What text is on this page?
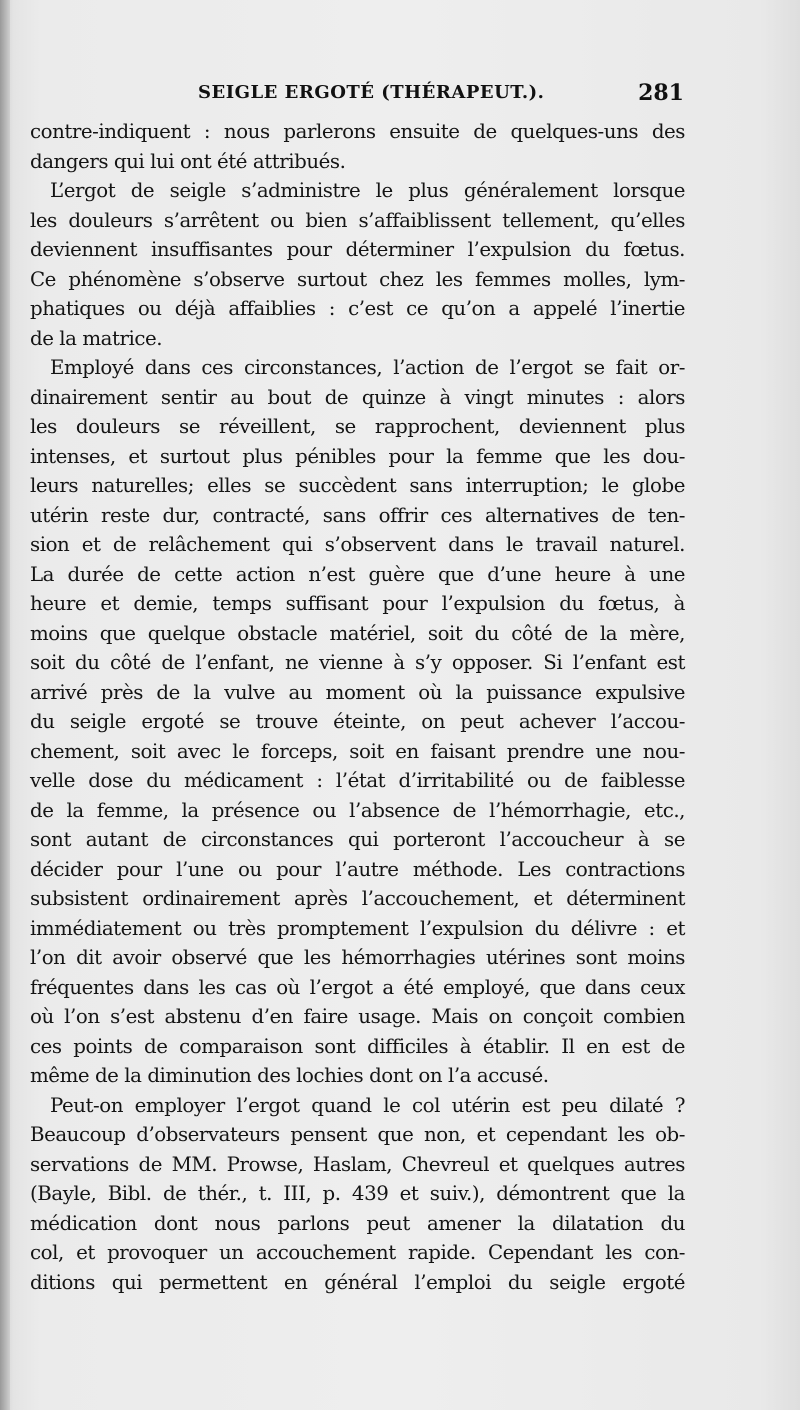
SEIGLE ERGOTÉ (THÉRAPEUT.).	281
contre-indiquent : nous parlerons ensuite de quelques-uns des
dangers qui lui ont été attribués.
L’ergot de seigle s’administre le plus généralement lorsque
les douleurs s’arrêtent ou bien s’affaiblissent tellement, qu’elles
deviennent insuffisantes pour déterminer l’expulsion du fœtus.
Ce phénomène s’observe surtout chez les femmes molles, lym-
phatiques ou déjà affaiblies : c’est ce qu’on a appelé l’inertie
de la matrice.
Employé dans ces circonstances, l’action de l’ergot se fait or-
dinairement sentir au bout de quinze à vingt minutes : alors
les douleurs se réveillent, se rapprochent, deviennent plus
intenses, et surtout plus pénibles pour la femme que les dou-
leurs naturelles; elles se succèdent sans interruption; le globe
utérin reste dur, contracté, sans offrir ces alternatives de ten-
sion et de relâchement qui s’observent dans le travail naturel.
La durée de cette action n’est guère que d’une heure à une
heure et demie, temps suffisant pour l’expulsion du fœtus, à
moins que quelque obstacle matériel, soit du côté de la mère,
soit du côté de l’enfant, ne vienne à s’y opposer. Si l’enfant est
arrivé près de la vulve au moment où la puissance expulsive
du seigle ergoté se trouve éteinte, on peut achever l’accou-
chement, soit avec le forceps, soit en faisant prendre une nou-
velle dose du médicament : l’état d’irritabilité ou de faiblesse
de la femme, la présence ou l’absence de l’hémorrhagie, etc.,
sont autant de circonstances qui porteront l’accoucheur à se
décider pour l’une ou pour l’autre méthode. Les contractions
subsistent ordinairement après l’accouchement, et déterminent
immédiatement ou très promptement l’expulsion du délivre : et
l’on dit avoir observé que les hémorrhagies utérines sont moins
fréquentes dans les cas où l’ergot a été employé, que dans ceux
où l’on s’est abstenu d’en faire usage. Mais on conçoit combien
ces points de comparaison sont difficiles à établir. Il en est de
même de la diminution des lochies dont on l’a accusé.
Peut-on employer l’ergot quand le col utérin est peu dilaté ?
Beaucoup d’observateurs pensent que non, et cependant les ob-
servations de MM. Prowse, Haslam, Chevreul et quelques autres
(Bayle, Bibl. de thér., t. III, p. 439 et suiv.), démontrent que la
médication dont nous parlons peut amener la dilatation du
col, et provoquer un accouchement rapide. Cependant les con-
ditions qui permettent en général l’emploi du seigle ergoté
